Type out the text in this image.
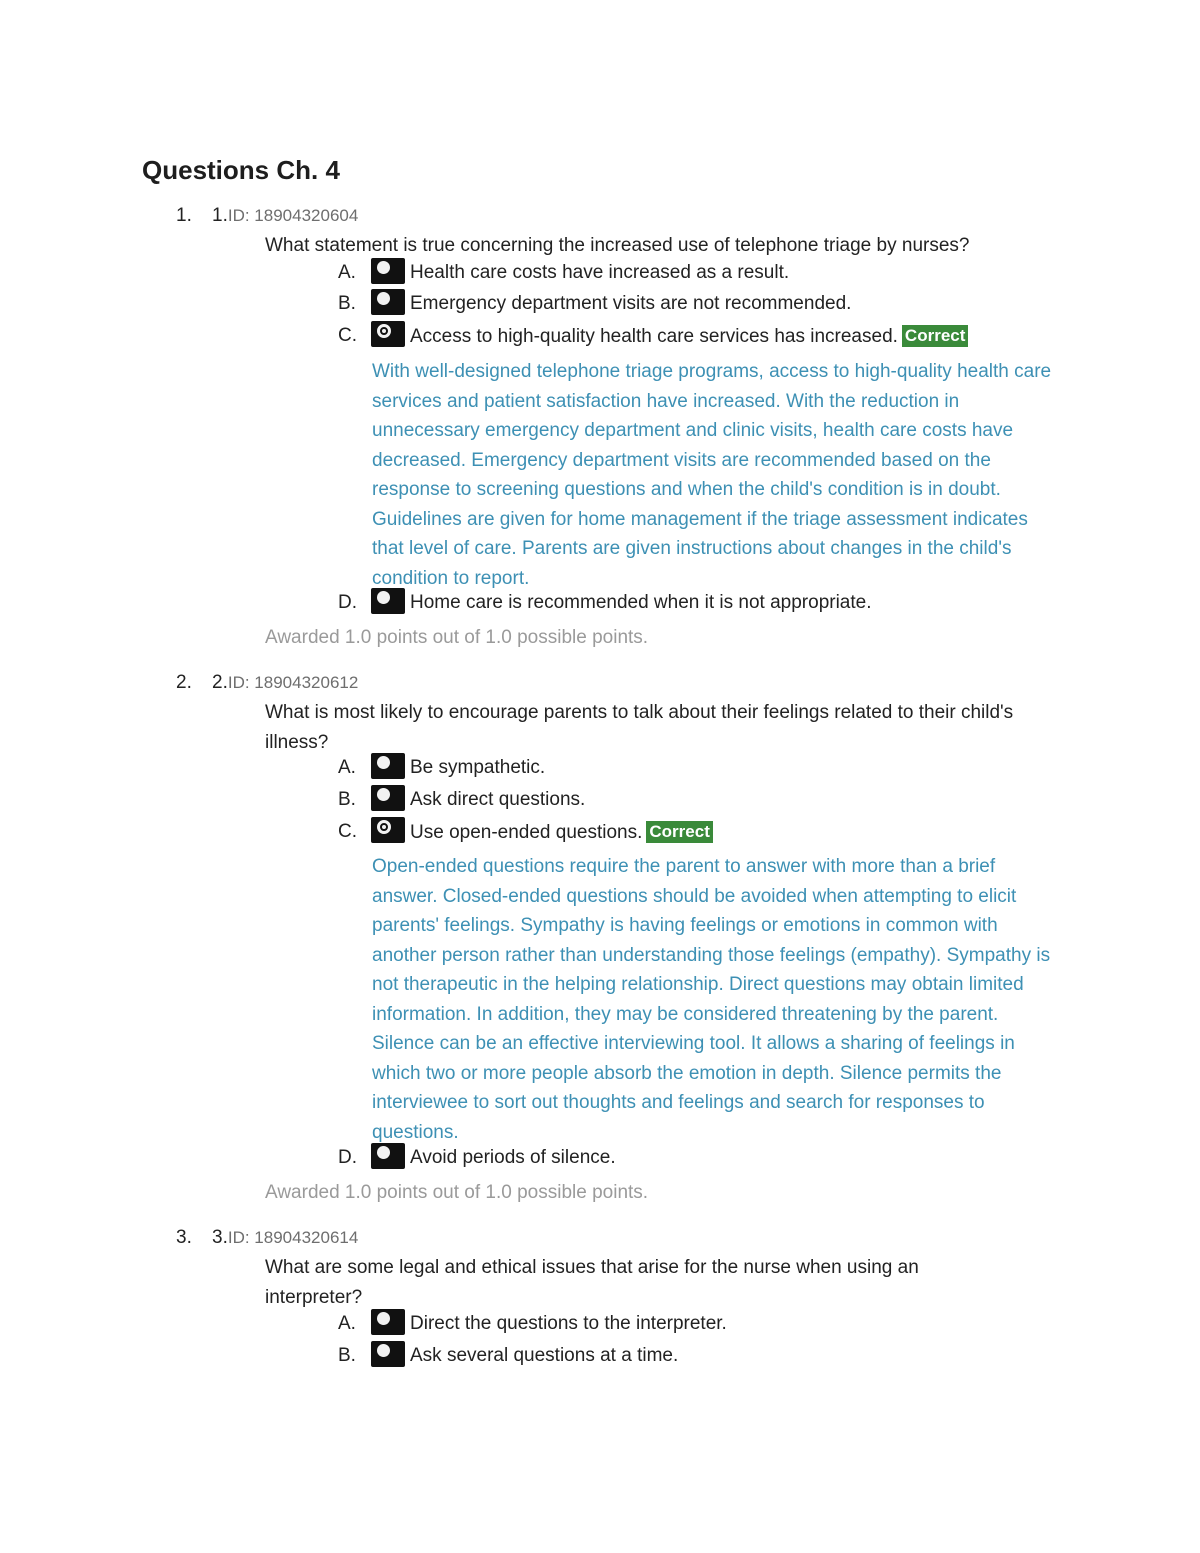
Questions Ch. 4
1. 1.ID: 18904320604
What statement is true concerning the increased use of telephone triage by nurses?
A.	Health care costs have increased as a result.
B.	Emergency department visits are not recommended.
C.	Access to high-quality health care services has increased. Correct
With well-designed telephone triage programs, access to high-quality health care services and patient satisfaction have increased. With the reduction in unnecessary emergency department and clinic visits, health care costs have decreased. Emergency department visits are recommended based on the response to screening questions and when the child's condition is in doubt. Guidelines are given for home management if the triage assessment indicates that level of care. Parents are given instructions about changes in the child's condition to report.
D.	Home care is recommended when it is not appropriate.
Awarded 1.0 points out of 1.0 possible points.
2. 2.ID: 18904320612
What is most likely to encourage parents to talk about their feelings related to their child's illness?
A.	Be sympathetic.
B.	Ask direct questions.
C.	Use open-ended questions. Correct
Open-ended questions require the parent to answer with more than a brief answer. Closed-ended questions should be avoided when attempting to elicit parents' feelings. Sympathy is having feelings or emotions in common with another person rather than understanding those feelings (empathy). Sympathy is not therapeutic in the helping relationship. Direct questions may obtain limited information. In addition, they may be considered threatening by the parent. Silence can be an effective interviewing tool. It allows a sharing of feelings in which two or more people absorb the emotion in depth. Silence permits the interviewee to sort out thoughts and feelings and search for responses to questions.
D.	Avoid periods of silence.
Awarded 1.0 points out of 1.0 possible points.
3. 3.ID: 18904320614
What are some legal and ethical issues that arise for the nurse when using an interpreter?
A.	Direct the questions to the interpreter.
B.	Ask several questions at a time.
